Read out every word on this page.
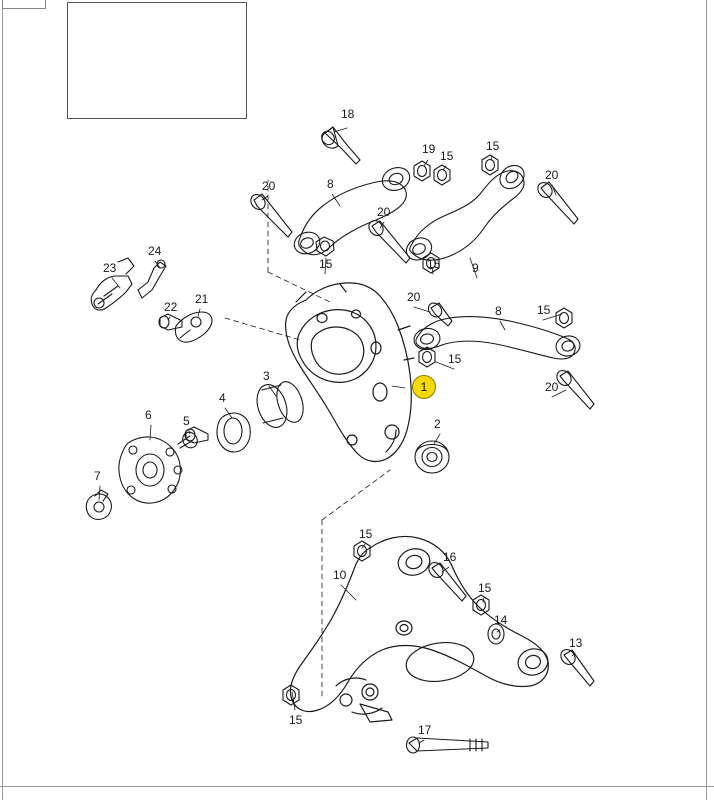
18
19 15
15
20
20	8
20
15	9
15
24
23
22
21	20
8	15
15
20
3
4
5
6
2
7
15
16
10
15
14
13
15
17
1
